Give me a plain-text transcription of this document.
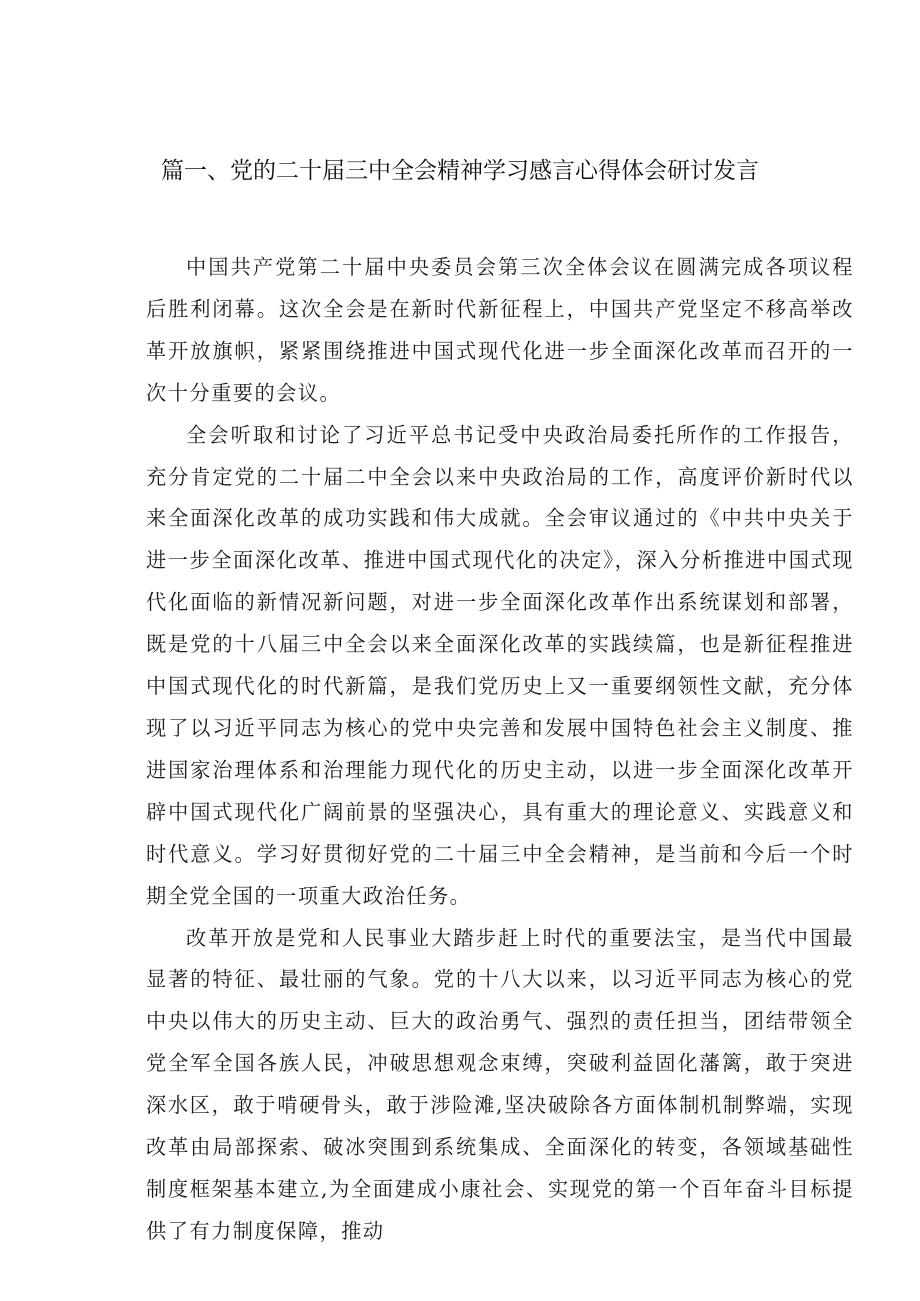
篇一、党的二十届三中全会精神学习感言心得体会研讨发言

中国共产党第二十届中央委员会第三次全体会议在圆满完成各项议程后胜利闭幕。这次全会是在新时代新征程上，中国共产党坚定不移高举改革开放旗帜，紧紧围绕推进中国式现代化进一步全面深化改革而召开的一次十分重要的会议。

全会听取和讨论了习近平总书记受中央政治局委托所作的工作报告，充分肯定党的二十届二中全会以来中央政治局的工作，高度评价新时代以来全面深化改革的成功实践和伟大成就。全会审议通过的《中共中央关于进一步全面深化改革、推进中国式现代化的决定》，深入分析推进中国式现代化面临的新情况新问题，对进一步全面深化改革作出系统谋划和部署，既是党的十八届三中全会以来全面深化改革的实践续篇，也是新征程推进中国式现代化的时代新篇，是我们党历史上又一重要纲领性文献，充分体现了以习近平同志为核心的党中央完善和发展中国特色社会主义制度、推进国家治理体系和治理能力现代化的历史主动，以进一步全面深化改革开辟中国式现代化广阔前景的坚强决心，具有重大的理论意义、实践意义和时代意义。学习好贯彻好党的二十届三中全会精神，是当前和今后一个时期全党全国的一项重大政治任务。

改革开放是党和人民事业大踏步赶上时代的重要法宝，是当代中国最显著的特征、最壮丽的气象。党的十八大以来，以习近平同志为核心的党中央以伟大的历史主动、巨大的政治勇气、强烈的责任担当，团结带领全党全军全国各族人民，冲破思想观念束缚，突破利益固化藩篱，敢于突进深水区，敢于啃硬骨头，敢于涉险滩,坚决破除各方面体制机制弊端，实现改革由局部探索、破冰突围到系统集成、全面深化的转变，各领域基础性制度框架基本建立,为全面建成小康社会、实现党的第一个百年奋斗目标提供了有力制度保障，推动
